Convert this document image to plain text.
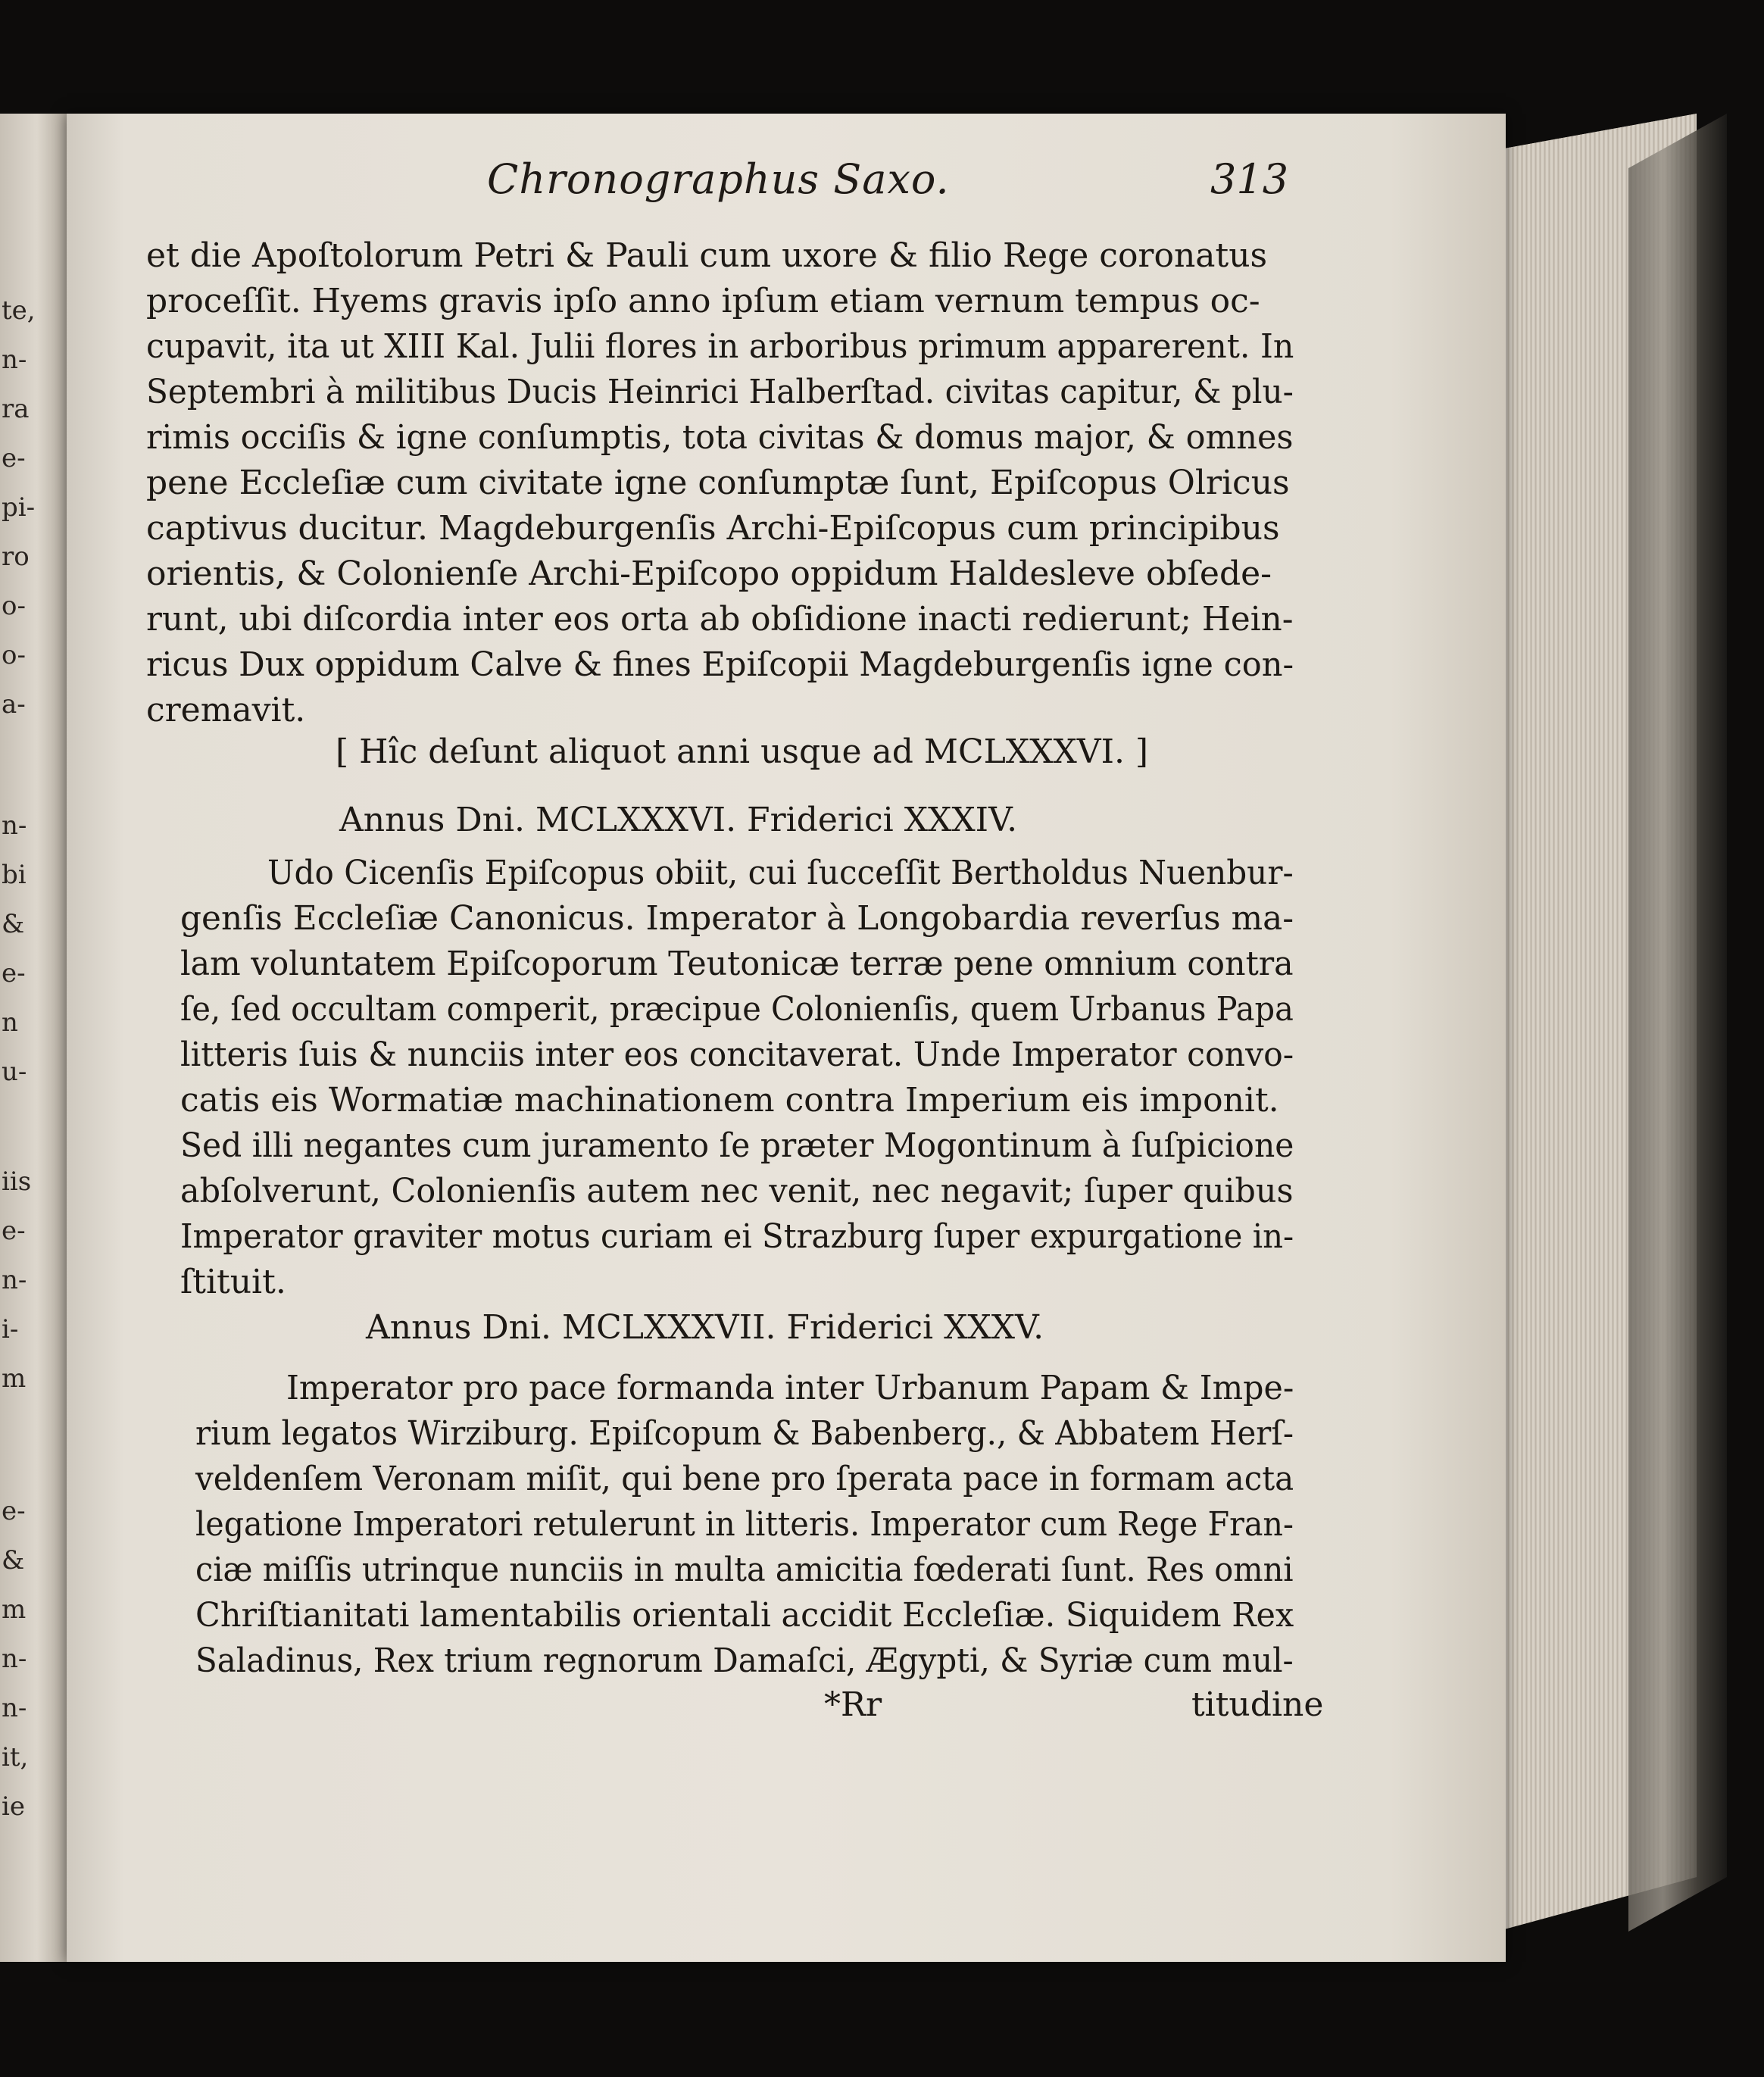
te,
n-
ra
e-
pi-
ro
o-
o-
a-
n-
bi
&
e-
n
u-
iis
e-
n-
i-
m
e-
&
m
n-
n-
it,
ie
Chronographus Saxo.	313
et die Apoſtolorum Petri & Pauli cum uxore & filio Rege coronatus
proceſſit. Hyems gravis ipſo anno ipſum etiam vernum tempus oc-
cupavit, ita ut XIII Kal. Julii flores in arboribus primum apparerent. In
Septembri à militibus Ducis Heinrici Halberſtad. civitas capitur, & plu-
rimis occiſis & igne conſumptis, tota civitas & domus major, & omnes
pene Eccleſiæ cum civitate igne conſumptæ ſunt, Epiſcopus Olricus
captivus ducitur. Magdeburgenſis Archi-Epiſcopus cum principibus
orientis, & Colonienſe Archi-Epiſcopo oppidum Haldesleve obſede-
runt, ubi diſcordia inter eos orta ab obſidione inacti redierunt; Hein-
ricus Dux oppidum Calve & fines Epiſcopii Magdeburgenſis igne con-
cremavit.
[ Hîc deſunt aliquot anni usque ad MCLXXXVI. ]
Annus Dni. MCLXXXVI. Friderici XXXIV.
Udo Cicenſis Epiſcopus obiit, cui ſucceſſit Bertholdus Nuenbur-
genſis Eccleſiæ Canonicus. Imperator à Longobardia reverſus ma-
lam voluntatem Epiſcoporum Teutonicæ terræ pene omnium contra
ſe, ſed occultam comperit, præcipue Colonienſis, quem Urbanus Papa
litteris ſuis & nunciis inter eos concitaverat. Unde Imperator convo-
catis eis Wormatiæ machinationem contra Imperium eis imponit.
Sed illi negantes cum juramento ſe præter Mogontinum à ſuſpicione
abſolverunt, Colonienſis autem nec venit, nec negavit; ſuper quibus
Imperator graviter motus curiam ei Strazburg ſuper expurgatione in-
ſtituit.
Annus Dni. MCLXXXVII. Friderici XXXV.
Imperator pro pace formanda inter Urbanum Papam & Impe-
rium legatos Wirziburg. Epiſcopum & Babenberg., & Abbatem Herſ-
veldenſem Veronam miſit, qui bene pro ſperata pace in formam acta
legatione Imperatori retulerunt in litteris. Imperator cum Rege Fran-
ciæ miſſis utrinque nunciis in multa amicitia fœderati ſunt. Res omni
Chriſtianitati lamentabilis orientali accidit Eccleſiæ. Siquidem Rex
Saladinus, Rex trium regnorum Damaſci, Ægypti, & Syriæ cum mul-
*Rr	titudine
